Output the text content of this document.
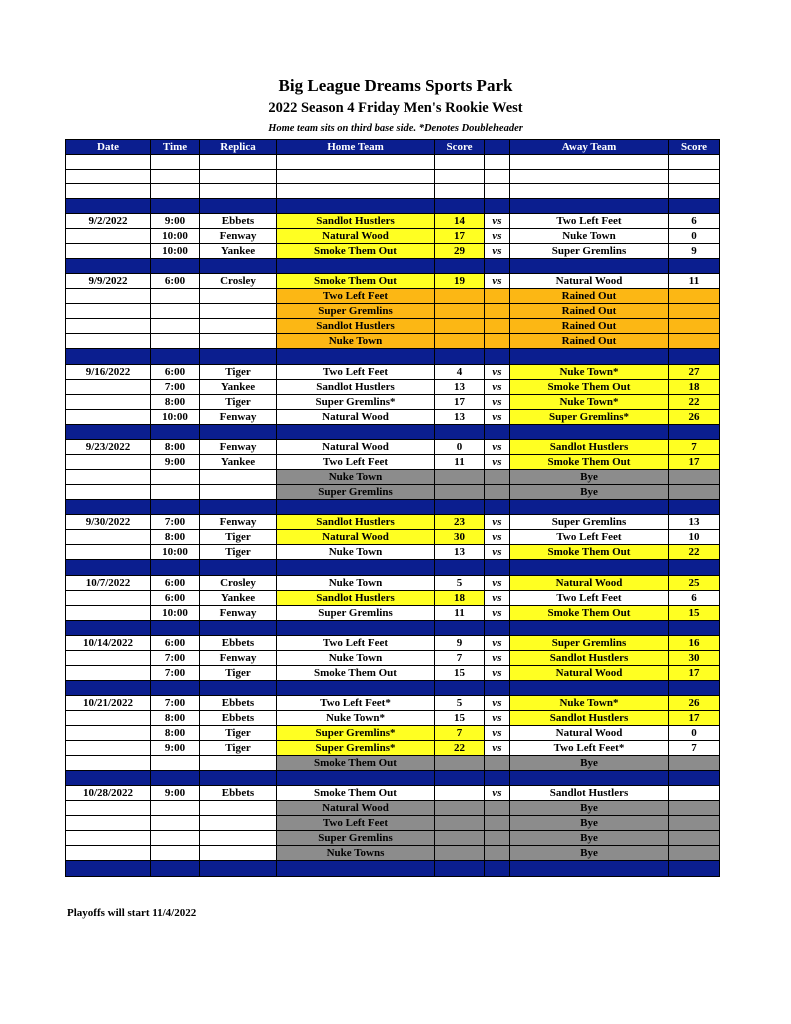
Big League Dreams Sports Park
2022 Season 4 Friday Men's Rookie West
Home team sits on third base side. *Denotes Doubleheader
Date	Time	Replica	Home Team	Score		Away Team	Score

9/2/2022	9:00	Ebbets	Sandlot Hustlers	14	vs	Two Left Feet	6
	10:00	Fenway	Natural Wood	17	vs	Nuke Town	0
	10:00	Yankee	Smoke Them Out	29	vs	Super Gremlins	9

9/9/2022	6:00	Crosley	Smoke Them Out	19	vs	Natural Wood	11
			Two Left Feet			Rained Out	
			Super Gremlins			Rained Out	
			Sandlot Hustlers			Rained Out	
			Nuke Town			Rained Out	

9/16/2022	6:00	Tiger	Two Left Feet	4	vs	Nuke Town*	27
	7:00	Yankee	Sandlot Hustlers	13	vs	Smoke Them Out	18
	8:00	Tiger	Super Gremlins*	17	vs	Nuke Town*	22
	10:00	Fenway	Natural Wood	13	vs	Super Gremlins*	26

9/23/2022	8:00	Fenway	Natural Wood	0	vs	Sandlot Hustlers	7
	9:00	Yankee	Two Left Feet	11	vs	Smoke Them Out	17
			Nuke Town			Bye	
			Super Gremlins			Bye	

9/30/2022	7:00	Fenway	Sandlot Hustlers	23	vs	Super Gremlins	13
	8:00	Tiger	Natural Wood	30	vs	Two Left Feet	10
	10:00	Tiger	Nuke Town	13	vs	Smoke Them Out	22

10/7/2022	6:00	Crosley	Nuke Town	5	vs	Natural Wood	25
	6:00	Yankee	Sandlot Hustlers	18	vs	Two Left Feet	6
	10:00	Fenway	Super Gremlins	11	vs	Smoke Them Out	15

10/14/2022	6:00	Ebbets	Two Left Feet	9	vs	Super Gremlins	16
	7:00	Fenway	Nuke Town	7	vs	Sandlot Hustlers	30
	7:00	Tiger	Smoke Them Out	15	vs	Natural Wood	17

10/21/2022	7:00	Ebbets	Two Left Feet*	5	vs	Nuke Town*	26
	8:00	Ebbets	Nuke Town*	15	vs	Sandlot Hustlers	17
	8:00	Tiger	Super Gremlins*	7	vs	Natural Wood	0
	9:00	Tiger	Super Gremlins*	22	vs	Two Left Feet*	7
			Smoke Them Out			Bye	

10/28/2022	9:00	Ebbets	Smoke Them Out		vs	Sandlot Hustlers	
			Natural Wood			Bye	
			Two Left Feet			Bye	
			Super Gremlins			Bye	
			Nuke Towns			Bye	

Playoffs will start 11/4/2022
